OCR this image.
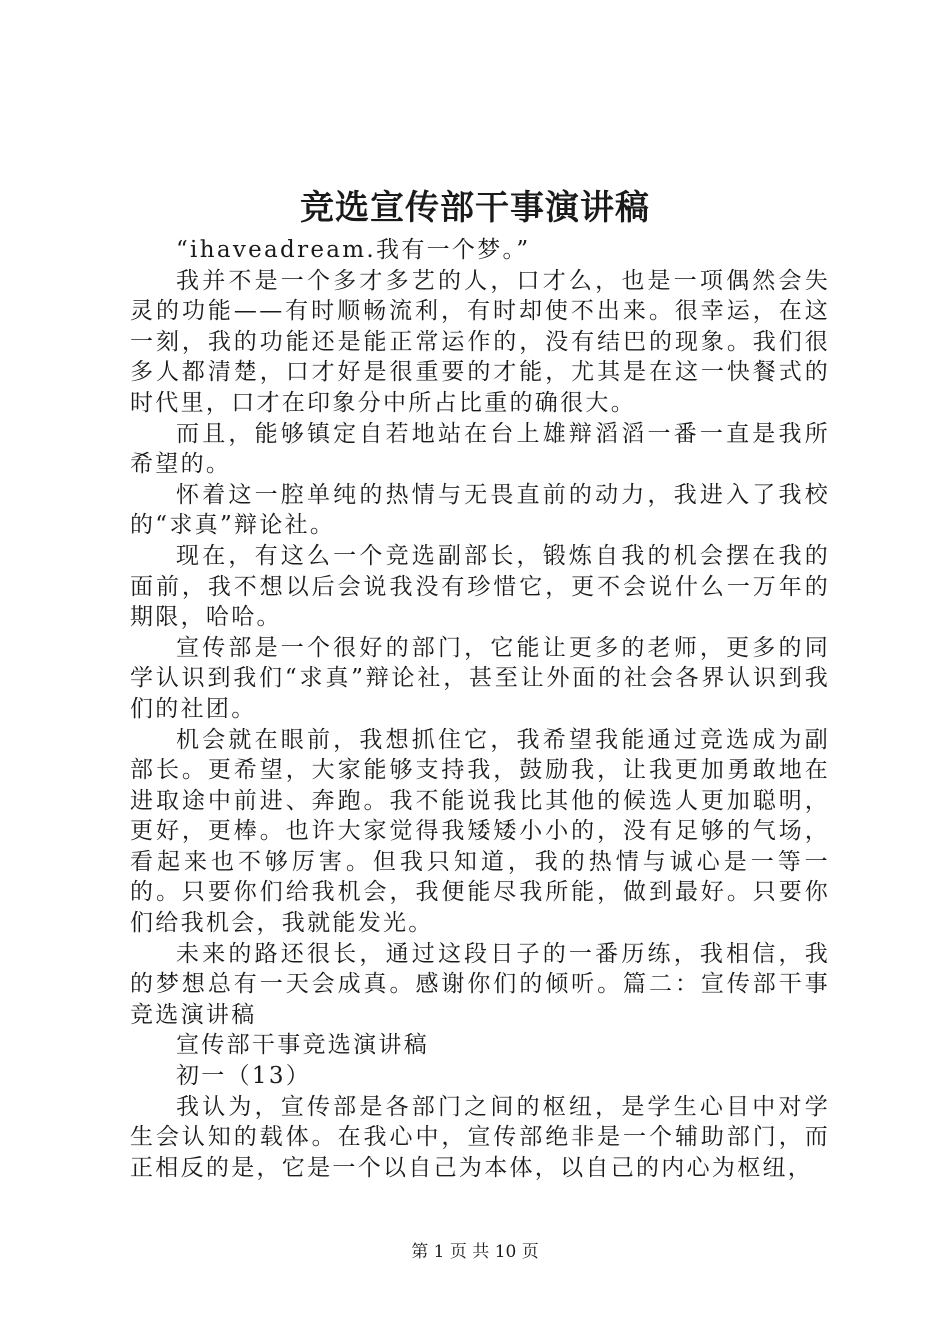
竞选宣传部干事演讲稿

“ihaveadream.我有一个梦。”

我并不是一个多才多艺的人，口才么，也是一项偶然会失灵的功能——有时顺畅流利，有时却使不出来。很幸运，在这一刻，我的功能还是能正常运作的，没有结巴的现象。我们很多人都清楚，口才好是很重要的才能，尤其是在这一快餐式的时代里，口才在印象分中所占比重的确很大。

而且，能够镇定自若地站在台上雄辩滔滔一番一直是我所希望的。

怀着这一腔单纯的热情与无畏直前的动力，我进入了我校的“求真”辩论社。

现在，有这么一个竞选副部长，锻炼自我的机会摆在我的面前，我不想以后会说我没有珍惜它，更不会说什么一万年的期限，哈哈。

宣传部是一个很好的部门，它能让更多的老师，更多的同学认识到我们“求真”辩论社，甚至让外面的社会各界认识到我们的社团。

机会就在眼前，我想抓住它，我希望我能通过竞选成为副部长。更希望，大家能够支持我，鼓励我，让我更加勇敢地在进取途中前进、奔跑。我不能说我比其他的候选人更加聪明，更好，更棒。也许大家觉得我矮矮小小的，没有足够的气场，看起来也不够厉害。但我只知道，我的热情与诚心是一等一的。只要你们给我机会，我便能尽我所能，做到最好。只要你们给我机会，我就能发光。

未来的路还很长，通过这段日子的一番历练，我相信，我的梦想总有一天会成真。感谢你们的倾听。篇二：宣传部干事竞选演讲稿

宣传部干事竞选演讲稿

初一（13）

我认为，宣传部是各部门之间的枢纽，是学生心目中对学生会认知的载体。在我心中，宣传部绝非是一个辅助部门，而正相反的是，它是一个以自己为本体，以自己的内心为枢纽，

第 1 页 共 10 页
